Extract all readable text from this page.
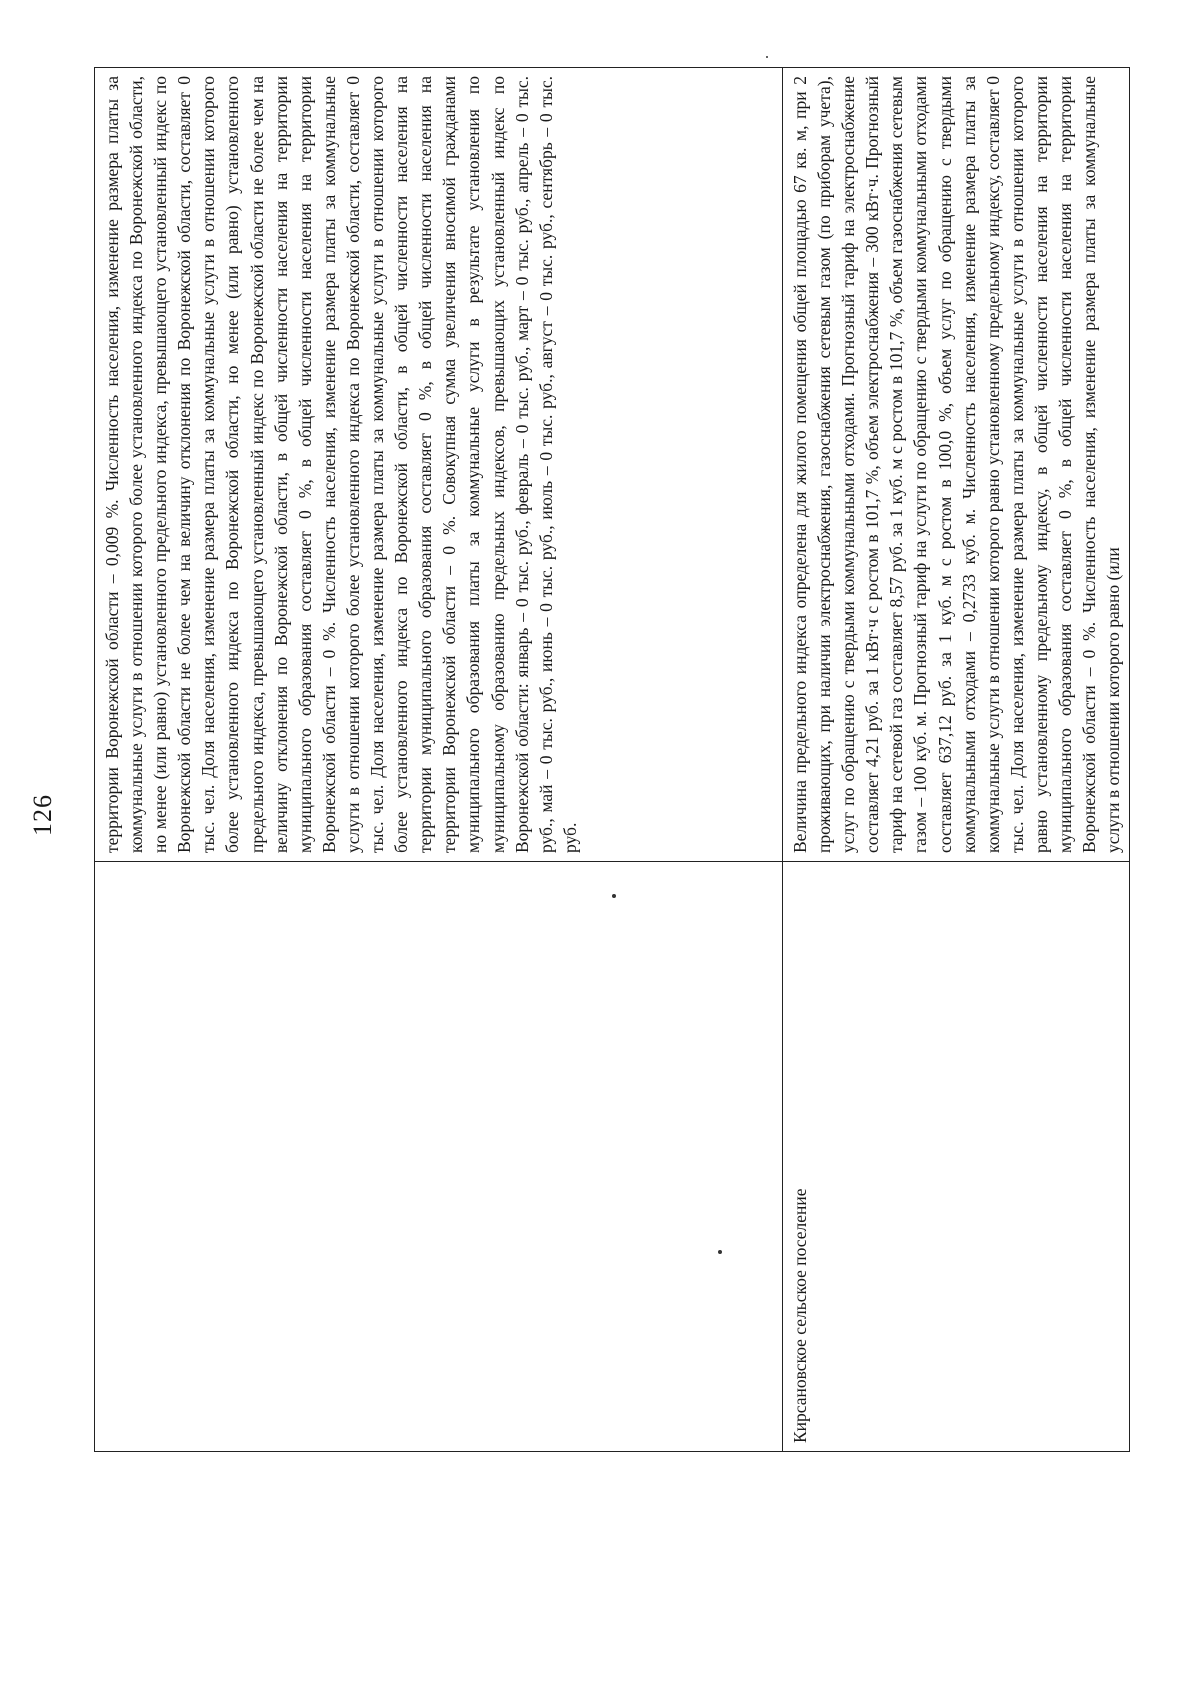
126

	территории Воронежской области – 0,009 %. Численность населения, изменение размера платы за коммунальные услуги в отношении которого более установленного индекса по Воронежской области, но менее (или равно) установленного предельного индекса, превышающего установленный индекс по Воронежской области не более чем на величину отклонения по Воронежской области, составляет 0 тыс. чел. Доля населения, изменение размера платы за коммунальные услуги в отношении которого более установленного индекса по Воронежской области, но менее (или равно) установленного предельного индекса, превышающего установленный индекс по Воронежской области не более чем на величину отклонения по Воронежской области, в общей численности населения на территории муниципального образования составляет 0 %, в общей численности населения на территории Воронежской области – 0 %. Численность населения, изменение размера платы за коммунальные услуги в отношении которого более установленного индекса по Воронежской области, составляет 0 тыс. чел. Доля населения, изменение размера платы за коммунальные услуги в отношении которого более установленного индекса по Воронежской области, в общей численности населения на территории муниципального образования составляет 0 %, в общей численности населения на территории Воронежской области – 0 %. Совокупная сумма увеличения вносимой гражданами муниципального образования платы за коммунальные услуги в результате установления по муниципальному образованию предельных индексов, превышающих установленный индекс по Воронежской области: январь – 0 тыс. руб., февраль – 0 тыс. руб., март – 0 тыс. руб., апрель – 0 тыс. руб., май – 0 тыс. руб., июнь – 0 тыс. руб., июль – 0 тыс. руб., август – 0 тыс. руб., сентябрь – 0 тыс. руб.

Кирсановское сельское поселение	Величина предельного индекса определена для жилого помещения общей площадью 67 кв. м, при 2 проживающих, при наличии электроснабжения, газоснабжения сетевым газом (по приборам учета), услуг по обращению с твердыми коммунальными отходами. Прогнозный тариф на электроснабжение составляет 4,21 руб. за 1 кВт·ч с ростом в 101,7 %, объем электроснабжения – 300 кВт·ч. Прогнозный тариф на сетевой газ составляет 8,57 руб. за 1 куб. м с ростом в 101,7 %, объем газоснабжения сетевым газом – 100 куб. м. Прогнозный тариф на услуги по обращению с твердыми коммунальными отходами составляет 637,12 руб. за 1 куб. м с ростом в 100,0 %, объем услуг по обращению с твердыми коммунальными отходами – 0,2733 куб. м. Численность населения, изменение размера платы за коммунальные услуги в отношении которого равно установленному предельному индексу, составляет 0 тыс. чел. Доля населения, изменение размера платы за коммунальные услуги в отношении которого равно установленному предельному индексу, в общей численности населения на территории муниципального образования составляет 0 %, в общей численности населения на территории Воронежской области – 0 %. Численность населения, изменение размера платы за коммунальные услуги в отношении которого равно (или
